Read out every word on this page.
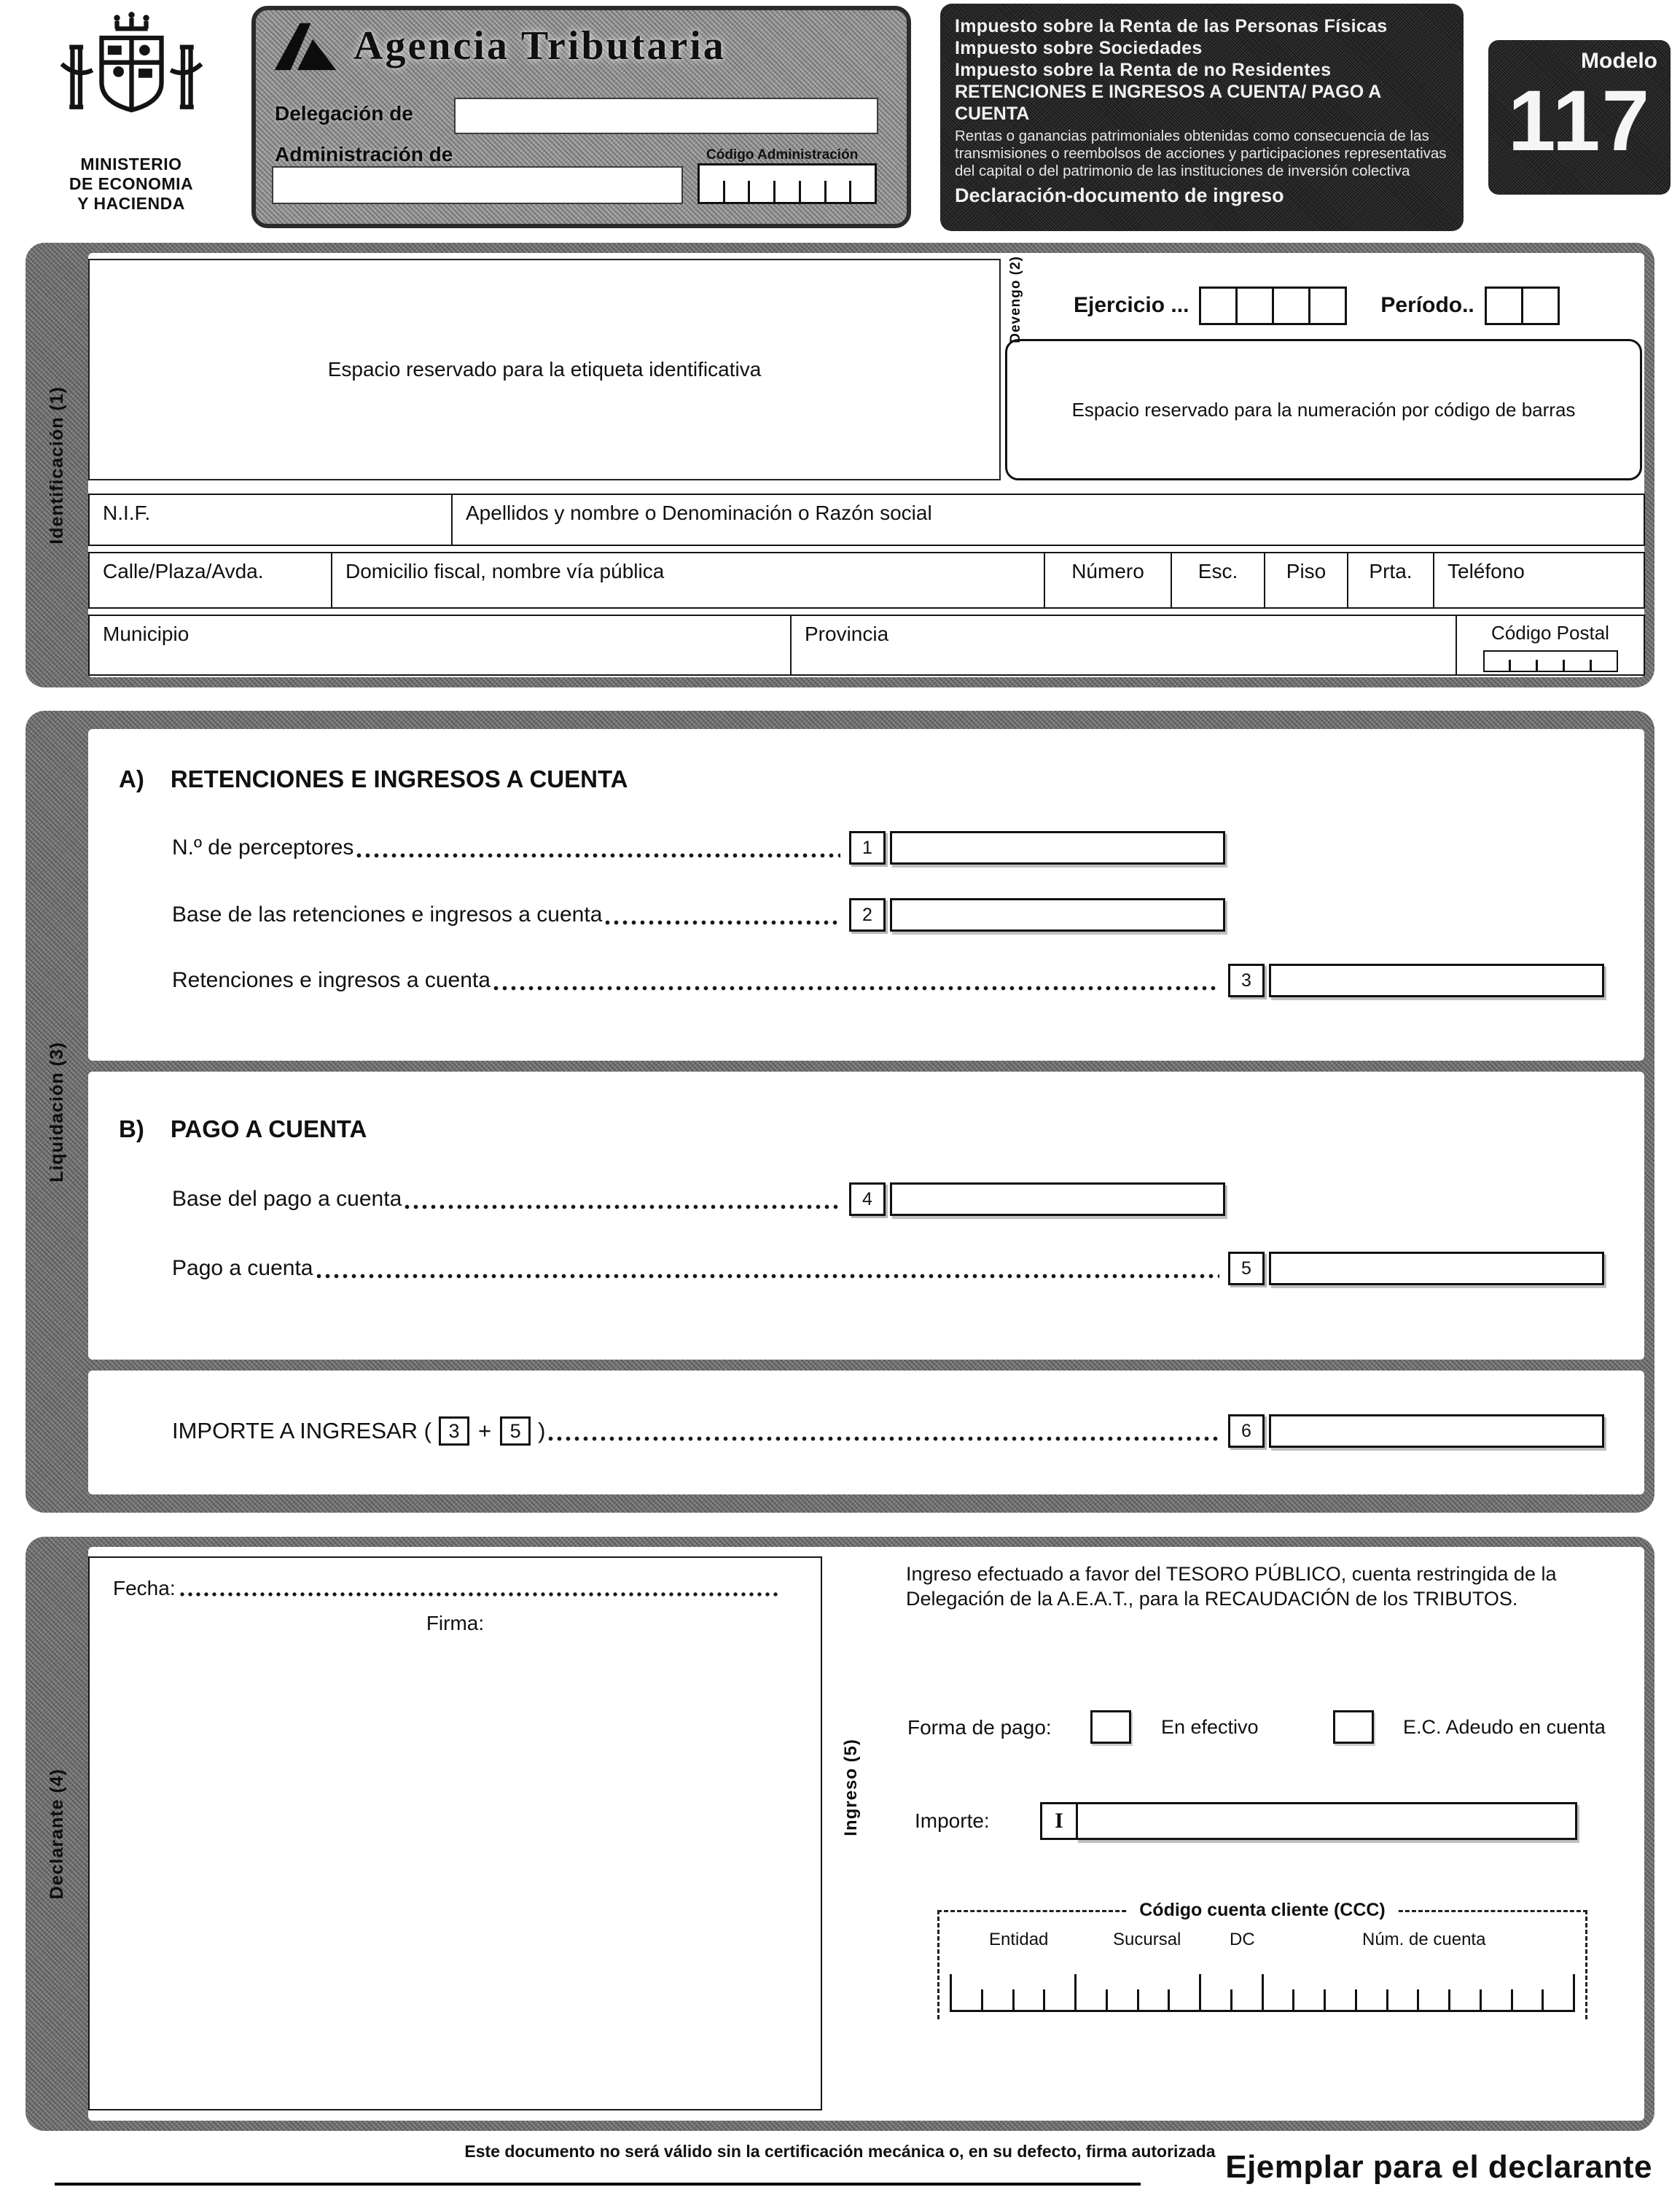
MINISTERIO
DE ECONOMIA
Y HACIENDA
Agencia Tributaria
Delegación de
Administración de	Código Administración
Impuesto sobre la Renta de las Personas Físicas
Impuesto sobre Sociedades
Impuesto sobre la Renta de no Residentes
RETENCIONES E INGRESOS A CUENTA/ PAGO A CUENTA
Rentas o ganancias patrimoniales obtenidas como consecuencia de las transmisiones o reembolsos de acciones y participaciones representativas del capital o del patrimonio de las instituciones de inversión colectiva
Declaración-documento de ingreso
Modelo
117
Identificación (1)
Espacio reservado para la etiqueta identificativa
Devengo (2) Ejercicio ...	Período..
Espacio reservado para la numeración por código de barras
N.I.F.	Apellidos y nombre o Denominación o Razón social
Calle/Plaza/Avda.	Domicilio fiscal, nombre vía pública	Número	Esc.	Piso	Prta.	Teléfono
Municipio	Provincia	Código Postal
Liquidación (3)
A) RETENCIONES E INGRESOS A CUENTA
N.º de perceptores	1
Base de las retenciones e ingresos a cuenta	2
Retenciones e ingresos a cuenta	3
B) PAGO A CUENTA
Base del pago a cuenta	4
Pago a cuenta	5
IMPORTE A INGRESAR ( 3 + 5 )	6
Declarante (4)
Fecha:
Firma:
Ingreso (5)

Ingreso efectuado a favor del TESORO PÚBLICO, cuenta restringida de la Delegación de la A.E.A.T., para la RECAUDACIÓN de los TRIBUTOS.

Forma de pago:	En efectivo	E.C. Adeudo en cuenta
Importe:	I
Código cuenta cliente (CCC)
Entidad	Sucursal	DC	Núm. de cuenta
Este documento no será válido sin la certificación mecánica o, en su defecto, firma autorizada Ejemplar para el declarante
